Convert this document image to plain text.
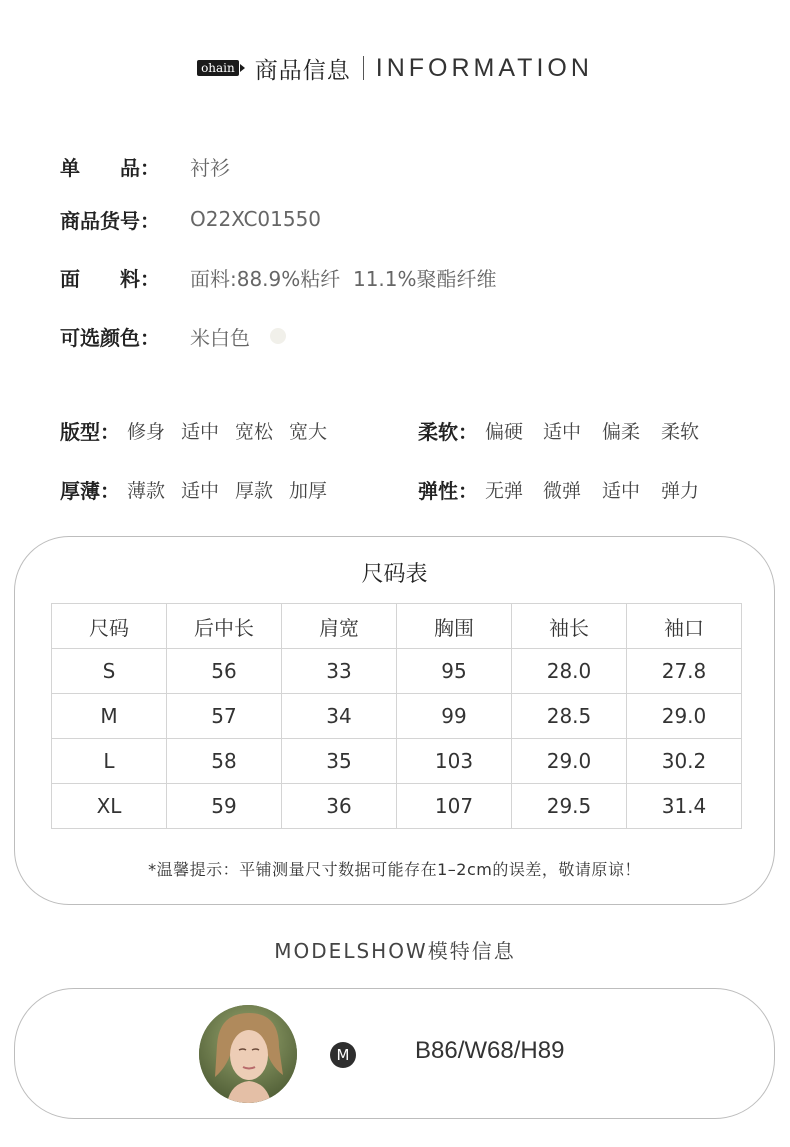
ohain 商品信息 INFORMATION
单　　品：	衬衫
商品货号：	O22XC01550
面　　料：	面料:88.9%粘纤  11.1%聚酯纤维
可选颜色：	米白色
版型： 修身 适中 宽松 宽大	柔软： 偏硬 适中 偏柔 柔软
厚薄： 薄款 适中 厚款 加厚	弹性： 无弹 微弹 适中 弹力
尺码表
尺码	后中长	肩宽	胸围	袖长	袖口
S	56	33	95	28.0	27.8
M	57	34	99	28.5	29.0
L	58	35	103	29.0	30.2
XL	59	36	107	29.5	31.4
*温馨提示：平铺测量尺寸数据可能存在1–2cm的误差，敬请原谅！
MODELSHOW模特信息
M	B86/W68/H89
